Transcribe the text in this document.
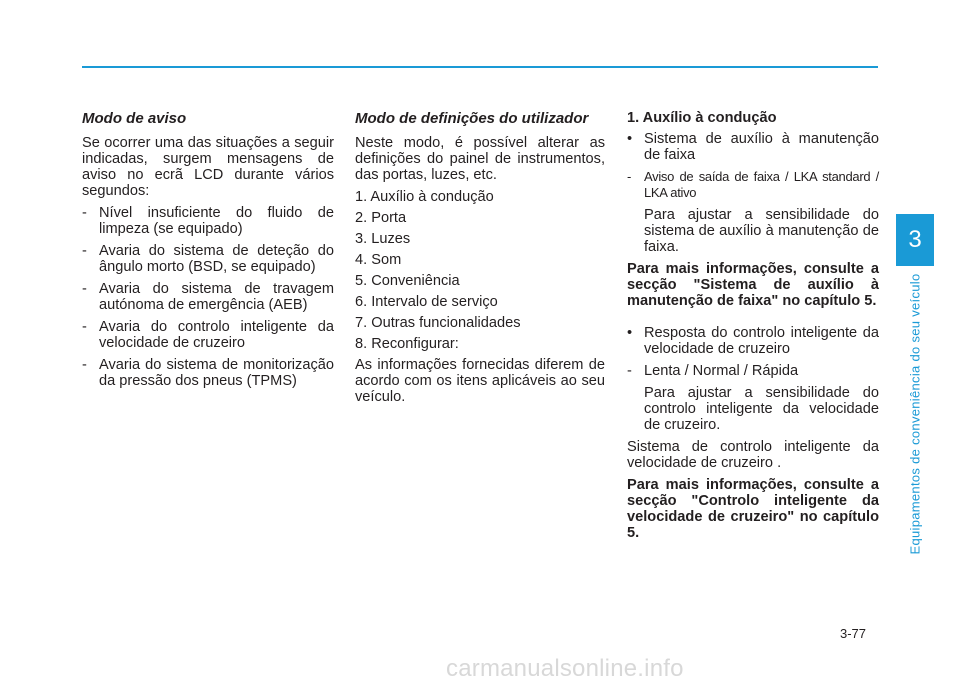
Modo de aviso

Se ocorrer uma das situações a seguir indicadas, surgem mensagens de aviso no ecrã LCD durante vários segundos:

- Nível insuficiente do fluido de limpeza (se equipado)
- Avaria do sistema de deteção do ângulo morto (BSD, se equipado)
- Avaria do sistema de travagem autónoma de emergência (AEB)
- Avaria do controlo inteligente da velocidade de cruzeiro
- Avaria do sistema de monitorização da pressão dos pneus (TPMS)
Modo de definições do utilizador

Neste modo, é possível alterar as definições do painel de instrumentos, das portas, luzes, etc.

1. Auxílio à condução
2. Porta
3. Luzes
4. Som
5. Conveniência
6. Intervalo de serviço
7. Outras funcionalidades
8. Reconfigurar:

As informações fornecidas diferem de acordo com os itens aplicáveis ao seu veículo.

1. Auxílio à condução
• Sistema de auxílio à manutenção de faixa
- Aviso de saída de faixa / LKA standard / LKA ativo

Para ajustar a sensibilidade do sistema de auxílio à manutenção de faixa.

Para mais informações, consulte a secção "Sistema de auxílio à manutenção de faixa" no capítulo 5.

• Resposta do controlo inteligente da velocidade de cruzeiro
- Lenta / Normal / Rápida

Para ajustar a sensibilidade do controlo inteligente da velocidade de cruzeiro.

Sistema de controlo inteligente da velocidade de cruzeiro .

Para mais informações, consulte a secção "Controlo inteligente da velocidade de cruzeiro" no capítulo 5.

3
Equipamentos de conveniência do seu veículo
3-77
carmanualsonline.info
